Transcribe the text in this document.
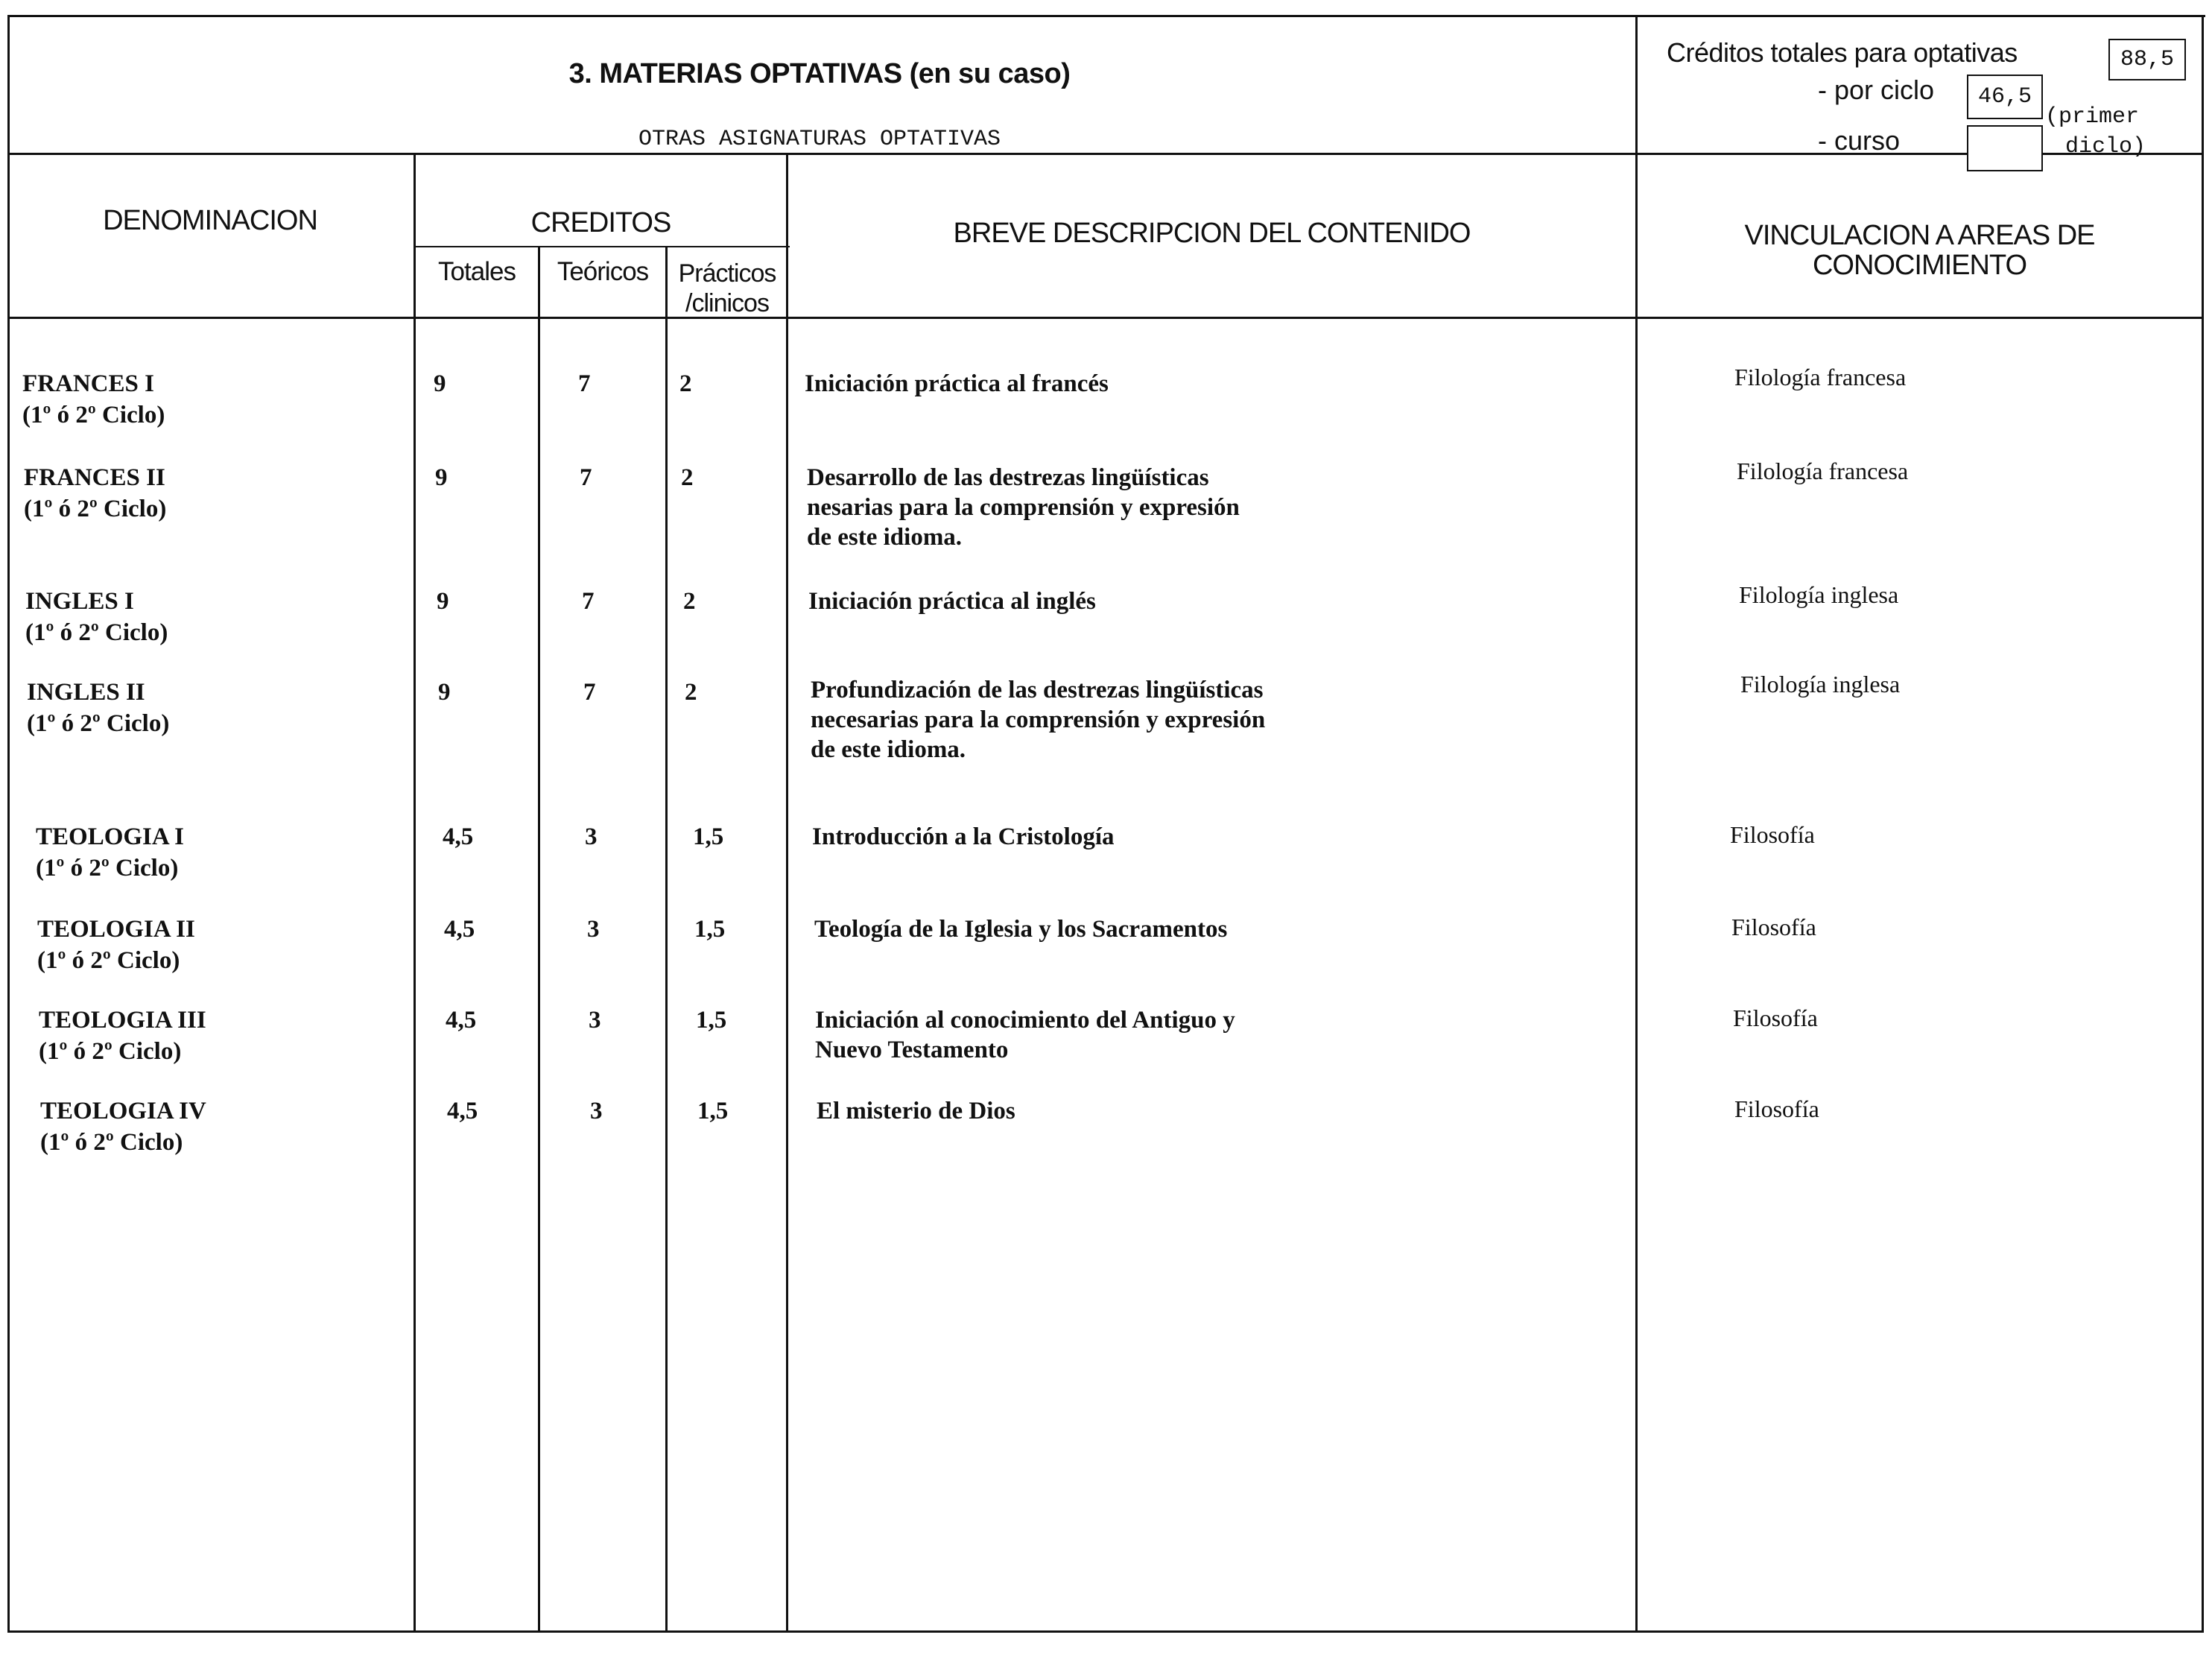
3. MATERIAS OPTATIVAS (en su caso)
OTRAS ASIGNATURAS OPTATIVAS
Créditos totales para optativas	88,5
- por ciclo	46,5
(primer
diclo)
- curso
DENOMINACION	CREDITOS
Totales	Teóricos	Prácticos
/clinicos
BREVE DESCRIPCION DEL CONTENIDO	VINCULACION A AREAS DE
CONOCIMIENTO
FRANCES I
(1º ó 2º Ciclo)
9	7	2	Iniciación práctica al francés	Filología francesa
FRANCES II
(1º ó 2º Ciclo)
9	7	2	Desarrollo de las destrezas lingüísticas
nesarias para la comprensión y expresión
de este idioma.
Filología francesa
INGLES I
(1º ó 2º Ciclo)
9	7	2	Iniciación práctica al inglés	Filología inglesa
INGLES II
(1º ó 2º Ciclo)
9	7	2	Profundización de las destrezas lingüísticas
necesarias para la comprensión y expresión
de este idioma.
Filología inglesa
TEOLOGIA I
(1º ó 2º Ciclo)
4,5	3	1,5	Introducción a la Cristología	Filosofía
TEOLOGIA II
(1º ó 2º Ciclo)
4,5	3	1,5	Teología de la Iglesia y los Sacramentos	Filosofía
TEOLOGIA III
(1º ó 2º Ciclo)
4,5	3	1,5	Iniciación al conocimiento del Antiguo y
Nuevo Testamento
Filosofía
TEOLOGIA IV
(1º ó 2º Ciclo)
4,5	3	1,5	El misterio de Dios	Filosofía
